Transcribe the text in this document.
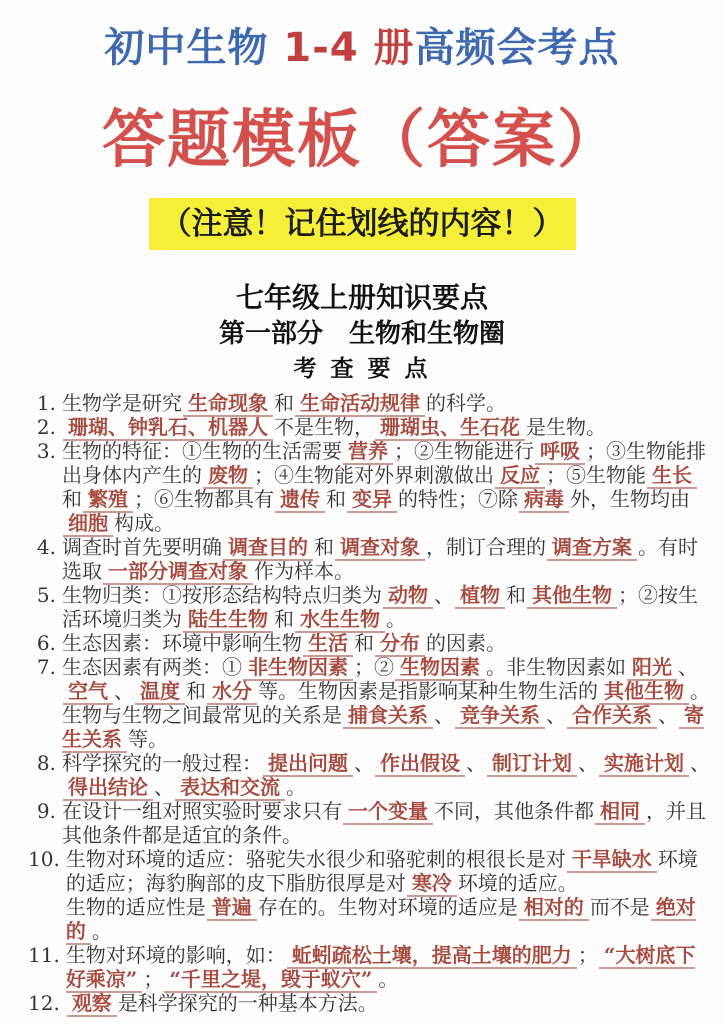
初中生物 1-4 册高频会考点
答题模板（答案）
（注意！记住划线的内容！）
七年级上册知识要点
第一部分　生物和生物圈
考 查 要 点
1. 生物学是研究 生命现象 和 生命活动规律 的科学。
2. 珊瑚、钟乳石、机器人 不是生物， 珊瑚虫、生石花 是生物。
3. 生物的特征：①生物的生活需要 营养 ；②生物能进行 呼吸 ；③生物能排出身体内产生的 废物 ；④生物能对外界刺激做出 反应 ；⑤生物能 生长和 繁殖 ；⑥生物都具有 遗传 和 变异 的特性；⑦除 病毒 外，生物均由细胞 构成。
4. 调查时首先要明确 调查目的 和 调查对象 ，制订合理的 调查方案 。有时选取 一部分调查对象 作为样本。
5. 生物归类：①按形态结构特点归类为 动物 、 植物 和 其他生物 ；②按生活环境归类为 陆生生物 和 水生生物 。
6. 生态因素：环境中影响生物 生活 和 分布 的因素。
7. 生态因素有两类：① 非生物因素 ；② 生物因素 。非生物因素如 阳光 、空气 、 温度 和 水分 等。生物因素是指影响某种生物生活的 其他生物 。生物与生物之间最常见的关系是 捕食关系 、 竞争关系 、 合作关系 、 寄生关系 等。
8. 科学探究的一般过程： 提出问题 、 作出假设 、 制订计划 、 实施计划 、得出结论 、 表达和交流 。
9. 在设计一组对照实验时要求只有 一个变量 不同，其他条件都 相同 ，并且其他条件都是适宜的条件。
10. 生物对环境的适应：骆驼失水很少和骆驼刺的根很长是对 干旱缺水 环境的适应；海豹胸部的皮下脂肪很厚是对 寒冷 环境的适应。
生物的适应性是 普遍 存在的。生物对环境的适应是 相对的 而不是 绝对的 。
11. 生物对环境的影响，如： 蚯蚓疏松土壤，提高土壤的肥力 ； “大树底下好乘凉” ； “千里之堤，毁于蚁穴” 。
12. 观察 是科学探究的一种基本方法。
